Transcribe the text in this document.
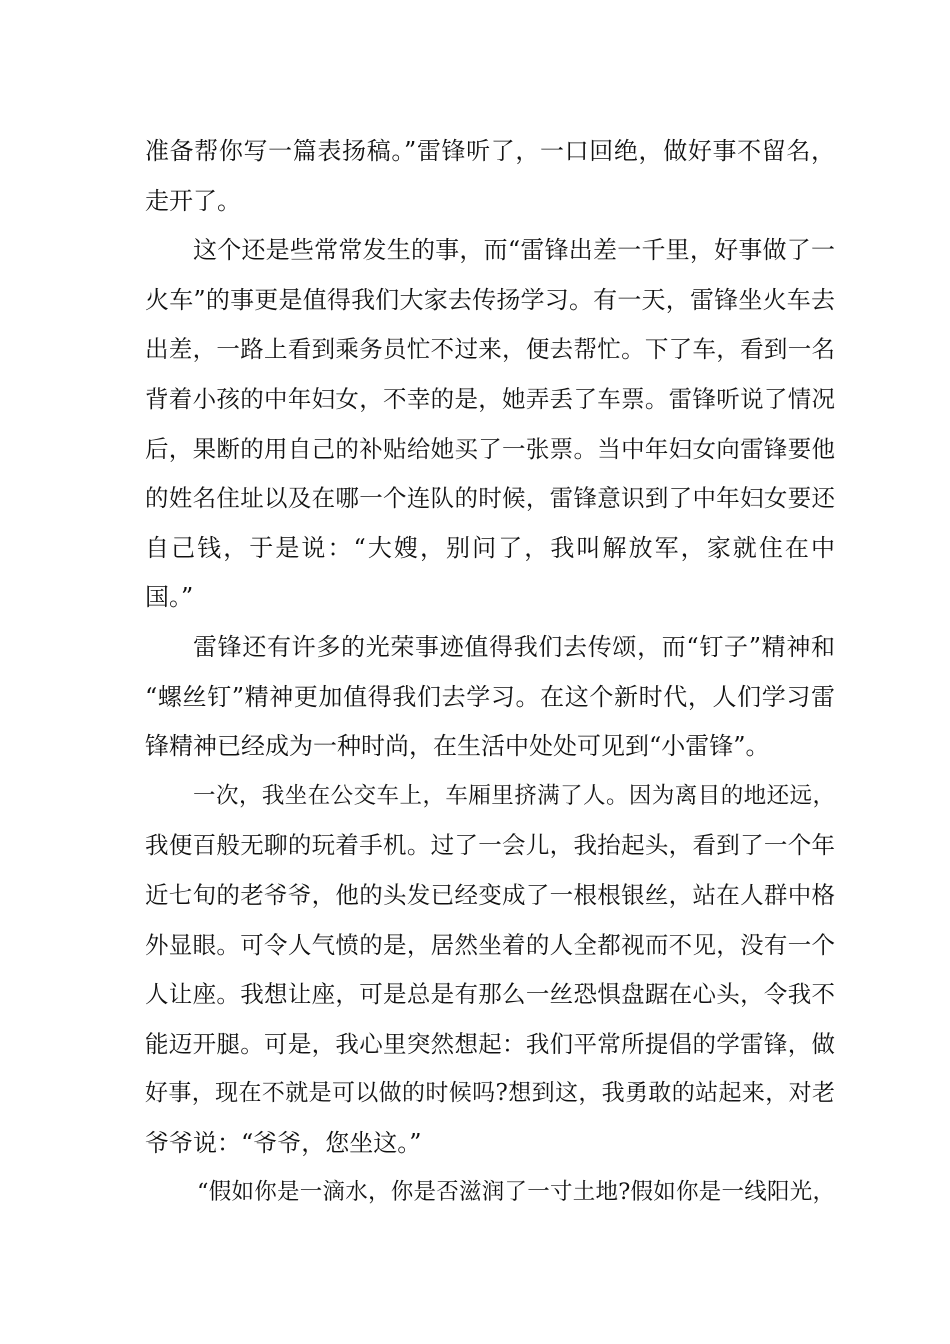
准备帮你写一篇表扬稿。”雷锋听了，一口回绝，做好事不留名，
走开了。
这个还是些常常发生的事，而“雷锋出差一千里，好事做了一
火车”的事更是值得我们大家去传扬学习。有一天，雷锋坐火车去
出差，一路上看到乘务员忙不过来，便去帮忙。下了车，看到一名
背着小孩的中年妇女，不幸的是，她弄丢了车票。雷锋听说了情况
后，果断的用自己的补贴给她买了一张票。当中年妇女向雷锋要他
的姓名住址以及在哪一个连队的时候，雷锋意识到了中年妇女要还
自己钱，于是说：“大嫂，别问了，我叫解放军，家就住在中
国。”
雷锋还有许多的光荣事迹值得我们去传颂，而“钉子”精神和
“螺丝钉”精神更加值得我们去学习。在这个新时代，人们学习雷
锋精神已经成为一种时尚，在生活中处处可见到“小雷锋”。
一次，我坐在公交车上，车厢里挤满了人。因为离目的地还远，
我便百般无聊的玩着手机。过了一会儿，我抬起头，看到了一个年
近七旬的老爷爷，他的头发已经变成了一根根银丝，站在人群中格
外显眼。可令人气愤的是，居然坐着的人全都视而不见，没有一个
人让座。我想让座，可是总是有那么一丝恐惧盘踞在心头，令我不
能迈开腿。可是，我心里突然想起：我们平常所提倡的学雷锋，做
好事，现在不就是可以做的时候吗?想到这，我勇敢的站起来，对老
爷爷说：“爷爷，您坐这。”
“假如你是一滴水，你是否滋润了一寸土地?假如你是一线阳光，
